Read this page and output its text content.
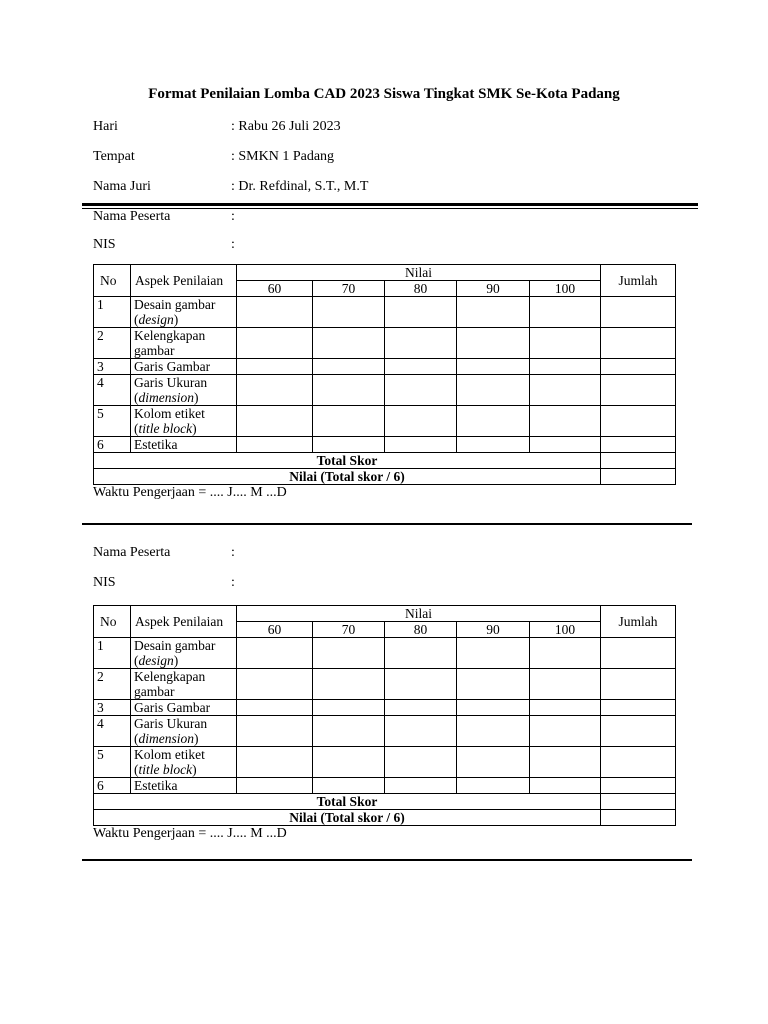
Format Penilaian Lomba CAD 2023 Siswa Tingkat SMK Se-Kota Padang
Hari	: Rabu 26 Juli 2023
Tempat	: SMKN 1 Padang
Nama Juri	: Dr. Refdinal, S.T., M.T
Nama Peserta	:
NIS	:
No	Aspek Penilaian	Nilai					Jumlah
		60	70	80	90	100	
1	Desain gambar
(design)						
2	Kelengkapan
gambar						
3	Garis Gambar						
4	Garis Ukuran
(dimension)						
5	Kolom etiket
(title block)						
6	Estetika						
Total Skor							
Nilai (Total skor / 6)							
Waktu Pengerjaan = .... J.... M ...D
Nama Peserta	:
NIS	:
No	Aspek Penilaian	Nilai					Jumlah
		60	70	80	90	100	
1	Desain gambar
(design)						
2	Kelengkapan
gambar						
3	Garis Gambar						
4	Garis Ukuran
(dimension)						
5	Kolom etiket
(title block)						
6	Estetika						
Total Skor							
Nilai (Total skor / 6)							
Waktu Pengerjaan = .... J.... M ...D
